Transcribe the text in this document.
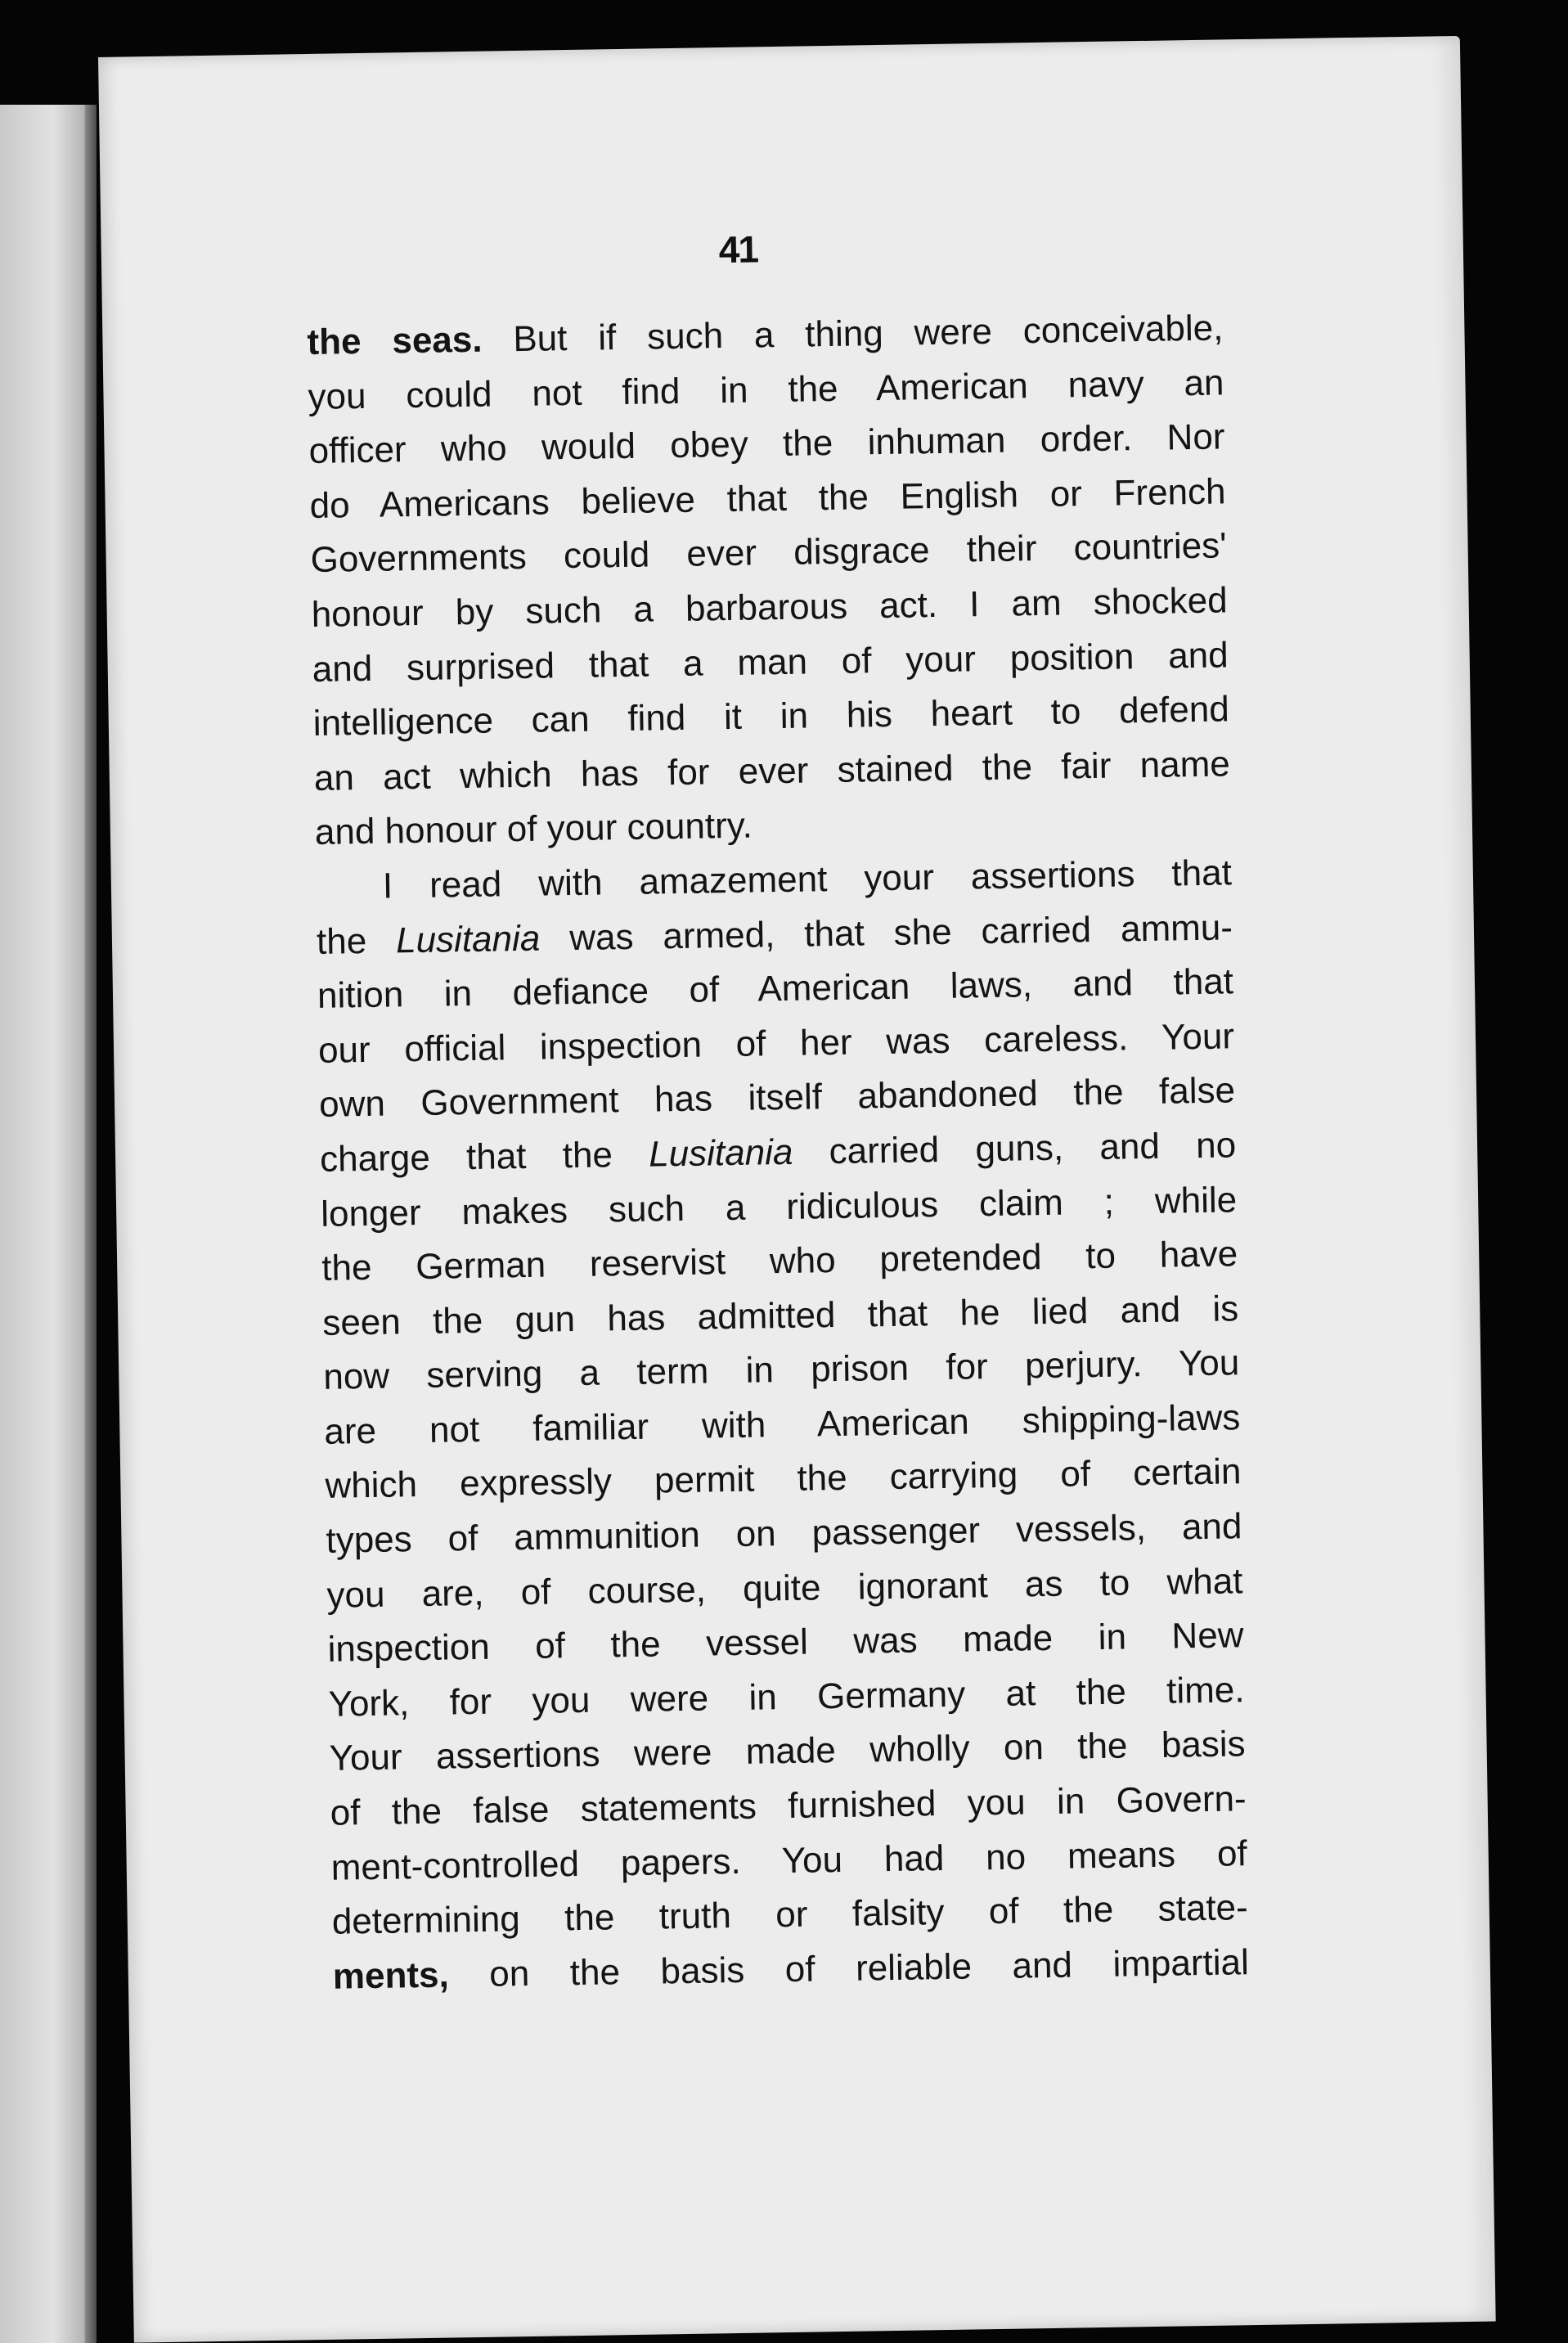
41
the seas. But if such a thing were conceivable,
you could not find in the American navy an
officer who would obey the inhuman order. Nor
do Americans believe that the English or French
Governments could ever disgrace their countries'
honour by such a barbarous act. I am shocked
and surprised that a man of your position and
intelligence can find it in his heart to defend
an act which has for ever stained the fair name
and honour of your country.
I read with amazement your assertions that
the Lusitania was armed, that she carried ammu-
nition in defiance of American laws, and that
our official inspection of her was careless. Your
own Government has itself abandoned the false
charge that the Lusitania carried guns, and no
longer makes such a ridiculous claim ; while
the German reservist who pretended to have
seen the gun has admitted that he lied and is
now serving a term in prison for perjury. You
are not familiar with American shipping-laws
which expressly permit the carrying of certain
types of ammunition on passenger vessels, and
you are, of course, quite ignorant as to what
inspection of the vessel was made in New
York, for you were in Germany at the time.
Your assertions were made wholly on the basis
of the false statements furnished you in Govern-
ment-controlled papers. You had no means of
determining the truth or falsity of the state-
ments, on the basis of reliable and impartial
